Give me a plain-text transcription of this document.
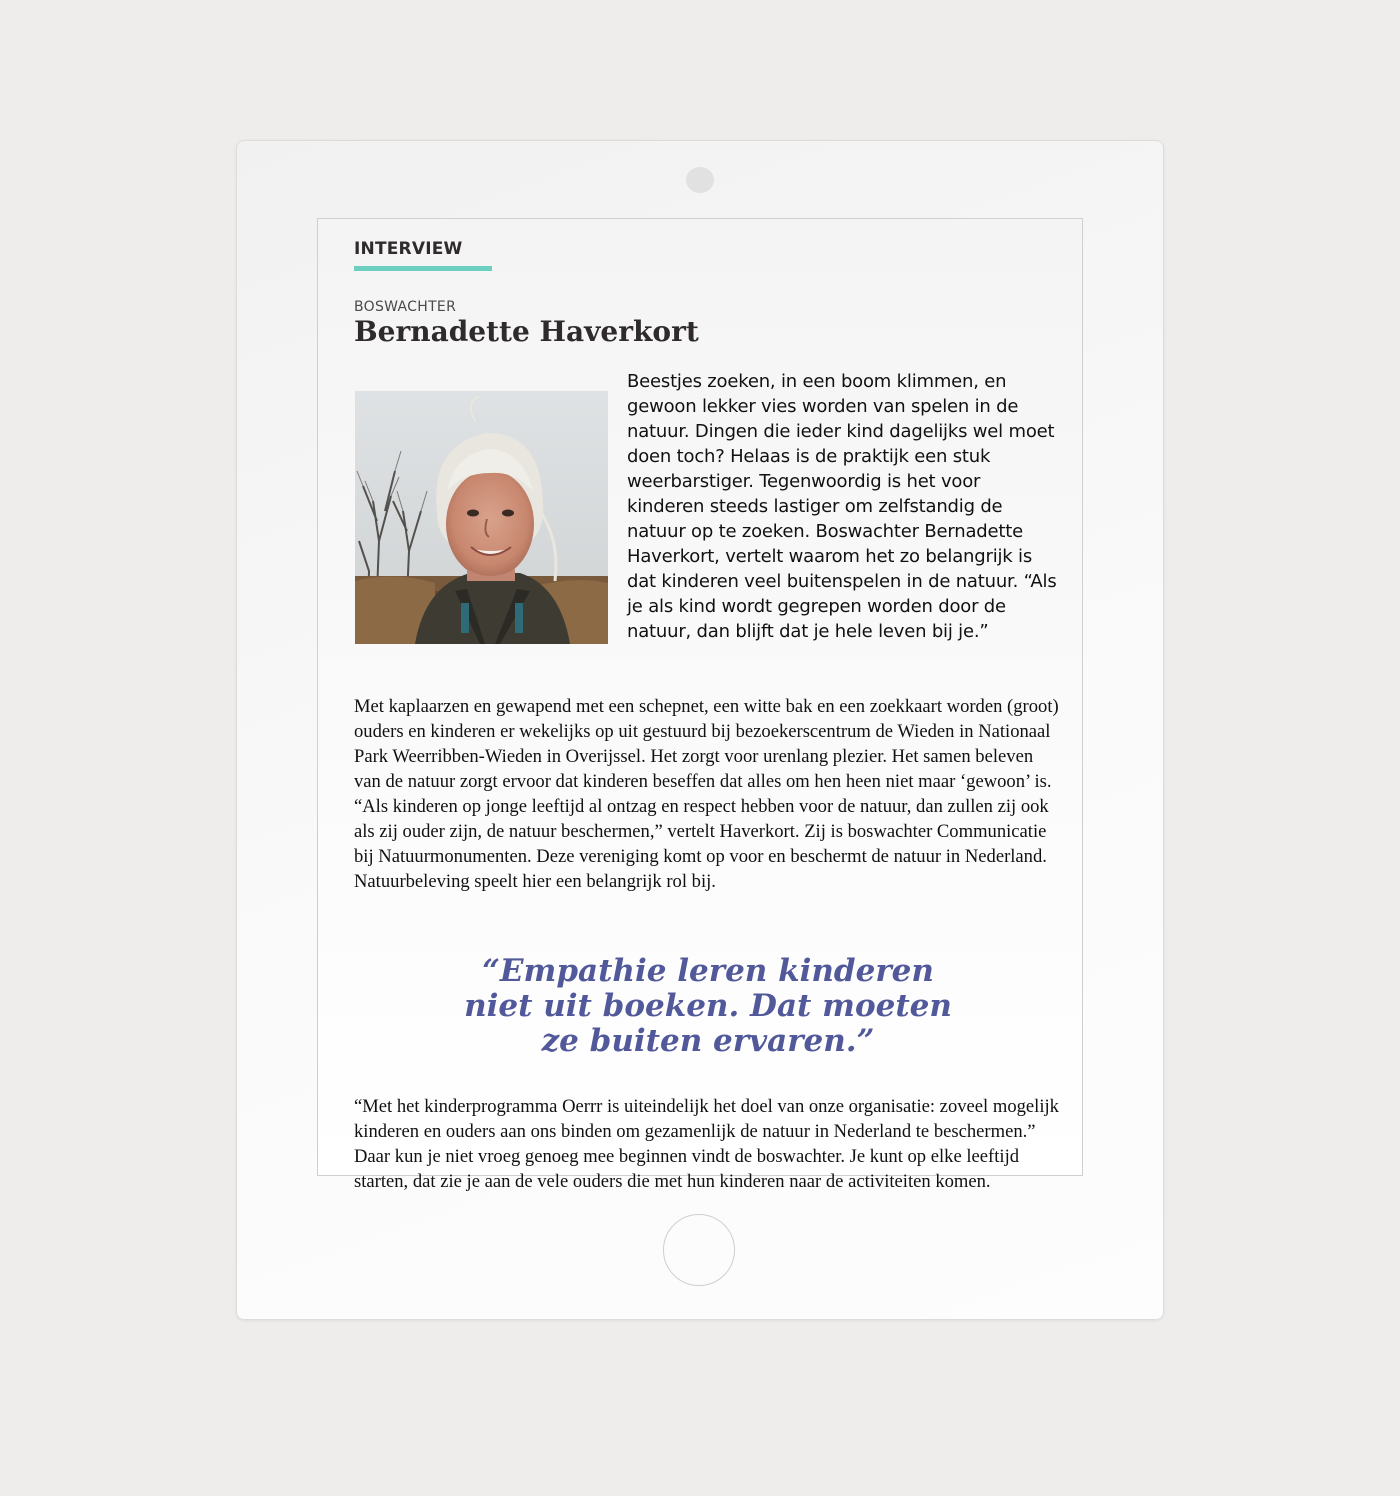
INTERVIEW
BOSWACHTER
Bernadette Haverkort
Beestjes zoeken, in een boom klimmen, en gewoon lekker vies worden van spelen in de natuur. Dingen die ieder kind dagelijks wel moet doen toch? Helaas is de praktijk een stuk weerbarstiger. Tegenwoordig is het voor kinderen steeds lastiger om zelfstandig de natuur op te zoeken. Boswachter Bernadette Haverkort, vertelt waarom het zo belangrijk is dat kinderen veel buitenspelen in de natuur. “Als je als kind wordt gegrepen worden door de natuur, dan blijft dat je hele leven bij je.”

Met kaplaarzen en gewapend met een schepnet, een witte bak en een zoekkaart worden (groot) ouders en kinderen er wekelijks op uit gestuurd bij bezoekerscentrum de Wieden in Nationaal Park Weerribben-Wieden in Overijssel. Het zorgt voor urenlang plezier. Het samen beleven van de natuur zorgt ervoor dat kinderen beseffen dat alles om hen heen niet maar ‘gewoon’ is.

“Als kinderen op jonge leeftijd al ontzag en respect hebben voor de natuur, dan zullen zij ook als zij ouder zijn, de natuur beschermen,” vertelt Haverkort. Zij is boswachter Communicatie bij Natuurmonumenten. Deze vereniging komt op voor en beschermt de natuur in Nederland. Natuurbeleving speelt hier een belangrijk rol bij.

“Empathie leren kinderen
niet uit boeken. Dat moeten
ze buiten ervaren.”

“Met het kinderprogramma Oerrr is uiteindelijk het doel van onze organisatie: zoveel mogelijk kinderen en ouders aan ons binden om gezamenlijk de natuur in Nederland te beschermen.” Daar kun je niet vroeg genoeg mee beginnen vindt de boswachter. Je kunt op elke leeftijd starten, dat zie je aan de vele ouders die met hun kinderen naar de activiteiten komen.
